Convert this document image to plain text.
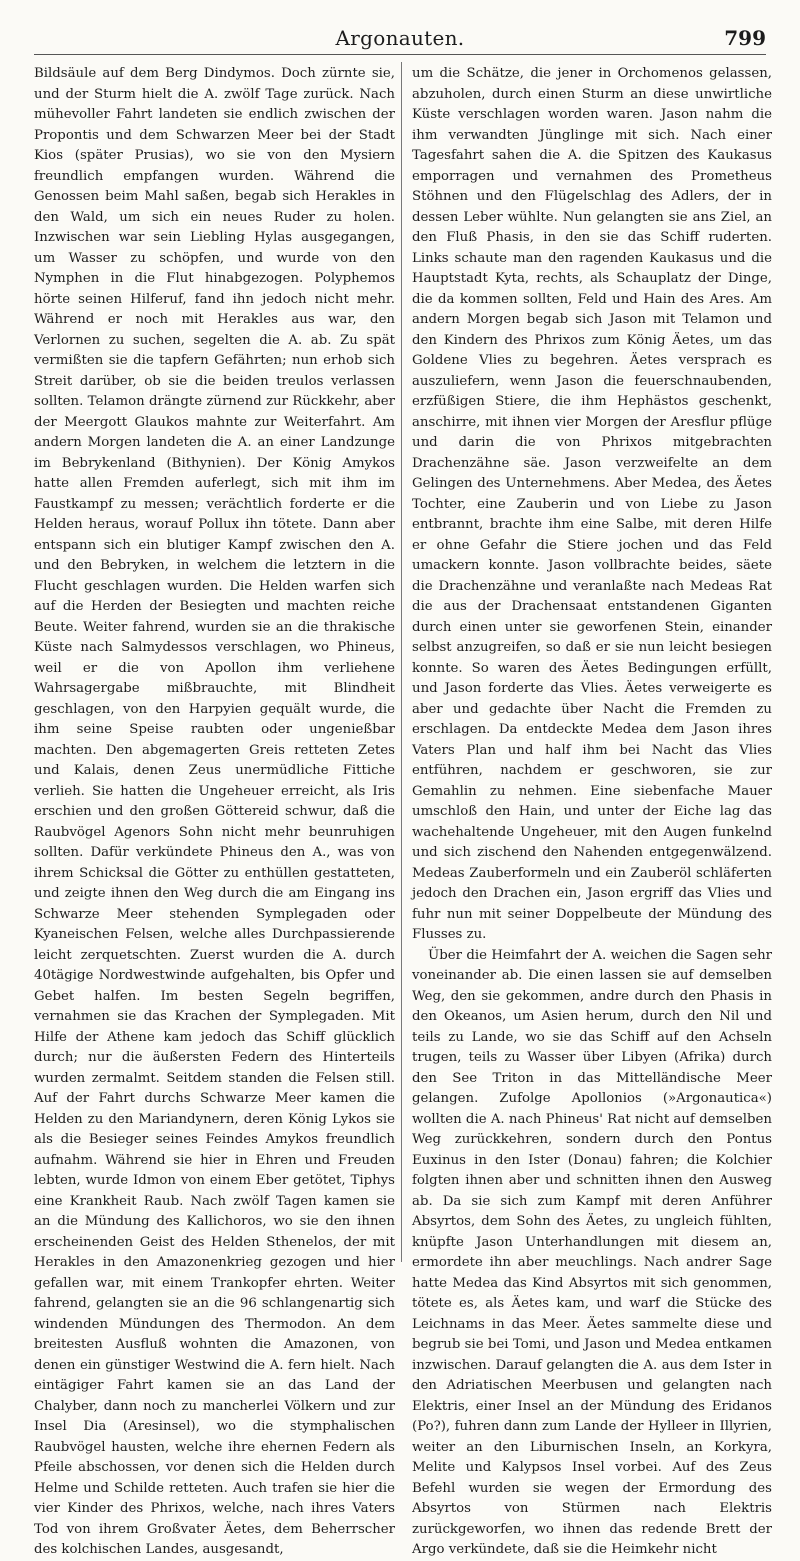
Argonauten.	799

Bildsäule auf dem Berg Dindymos. Doch zürnte sie, und der Sturm hielt die A. zwölf Tage zurück. Nach mühevoller Fahrt landeten sie endlich zwischen der Propontis und dem Schwarzen Meer bei der Stadt Kios (später Prusias), wo sie von den Mysiern freundlich empfangen wurden. Während die Genossen beim Mahl saßen, begab sich Herakles in den Wald, um sich ein neues Ruder zu holen. Inzwischen war sein Liebling Hylas ausgegangen, um Wasser zu schöpfen, und wurde von den Nymphen in die Flut hinabgezogen. Polyphemos hörte seinen Hilferuf, fand ihn jedoch nicht mehr. Während er noch mit Herakles aus war, den Verlornen zu suchen, segelten die A. ab. Zu spät vermißten sie die tapfern Gefährten; nun erhob sich Streit darüber, ob sie die beiden treulos verlassen sollten. Telamon drängte zürnend zur Rückkehr, aber der Meergott Glaukos mahnte zur Weiterfahrt. Am andern Morgen landeten die A. an einer Landzunge im Bebrykenland (Bithynien). Der König Amykos hatte allen Fremden auferlegt, sich mit ihm im Faustkampf zu messen; verächtlich forderte er die Helden heraus, worauf Pollux ihn tötete. Dann aber entspann sich ein blutiger Kampf zwischen den A. und den Bebryken, in welchem die letztern in die Flucht geschlagen wurden. Die Helden warfen sich auf die Herden der Besiegten und machten reiche Beute. Weiter fahrend, wurden sie an die thrakische Küste nach Salmydessos verschlagen, wo Phineus, weil er die von Apollon ihm verliehene Wahrsagergabe mißbrauchte, mit Blindheit geschlagen, von den Harpyien gequält wurde, die ihm seine Speise raubten oder ungenießbar machten. Den abgemagerten Greis retteten Zetes und Kalais, denen Zeus unermüdliche Fittiche verlieh. Sie hatten die Ungeheuer erreicht, als Iris erschien und den großen Göttereid schwur, daß die Raubvögel Agenors Sohn nicht mehr beunruhigen sollten. Dafür verkündete Phineus den A., was von ihrem Schicksal die Götter zu enthüllen gestatteten, und zeigte ihnen den Weg durch die am Eingang ins Schwarze Meer stehenden Symplegaden oder Kyaneischen Felsen, welche alles Durchpassierende leicht zerquetschten. Zuerst wurden die A. durch 40tägige Nordwestwinde aufgehalten, bis Opfer und Gebet halfen. Im besten Segeln begriffen, vernahmen sie das Krachen der Symplegaden. Mit Hilfe der Athene kam jedoch das Schiff glücklich durch; nur die äußersten Federn des Hinterteils wurden zermalmt. Seitdem standen die Felsen still. Auf der Fahrt durchs Schwarze Meer kamen die Helden zu den Mariandynern, deren König Lykos sie als die Besieger seines Feindes Amykos freundlich aufnahm. Während sie hier in Ehren und Freuden lebten, wurde Idmon von einem Eber getötet, Tiphys eine Krankheit Raub. Nach zwölf Tagen kamen sie an die Mündung des Kallichoros, wo sie den ihnen erscheinenden Geist des Helden Sthenelos, der mit Herakles in den Amazonenkrieg gezogen und hier gefallen war, mit einem Trankopfer ehrten. Weiter fahrend, gelangten sie an die 96 schlangenartig sich windenden Mündungen des Thermodon. An dem breitesten Ausfluß wohnten die Amazonen, von denen ein günstiger Westwind die A. fern hielt. Nach eintägiger Fahrt kamen sie an das Land der Chalyber, dann noch zu mancherlei Völkern und zur Insel Dia (Aresinsel), wo die stymphalischen Raubvögel hausten, welche ihre ehernen Federn als Pfeile abschossen, vor denen sich die Helden durch Helme und Schilde retteten. Auch trafen sie hier die vier Kinder des Phrixos, welche, nach ihres Vaters Tod von ihrem Großvater Äetes, dem Beherrscher des kolchischen Landes, ausgesandt,

um die Schätze, die jener in Orchomenos gelassen, abzuholen, durch einen Sturm an diese unwirtliche Küste verschlagen worden waren. Jason nahm die ihm verwandten Jünglinge mit sich. Nach einer Tagesfahrt sahen die A. die Spitzen des Kaukasus emporragen und vernahmen des Prometheus Stöhnen und den Flügelschlag des Adlers, der in dessen Leber wühlte. Nun gelangten sie ans Ziel, an den Fluß Phasis, in den sie das Schiff ruderten. Links schaute man den ragenden Kaukasus und die Hauptstadt Kyta, rechts, als Schauplatz der Dinge, die da kommen sollten, Feld und Hain des Ares. Am andern Morgen begab sich Jason mit Telamon und den Kindern des Phrixos zum König Äetes, um das Goldene Vlies zu begehren. Äetes versprach es auszuliefern, wenn Jason die feuerschnaubenden, erzfüßigen Stiere, die ihm Hephästos geschenkt, anschirre, mit ihnen vier Morgen der Aresflur pflüge und darin die von Phrixos mitgebrachten Drachenzähne säe. Jason verzweifelte an dem Gelingen des Unternehmens. Aber Medea, des Äetes Tochter, eine Zauberin und von Liebe zu Jason entbrannt, brachte ihm eine Salbe, mit deren Hilfe er ohne Gefahr die Stiere jochen und das Feld umackern konnte. Jason vollbrachte beides, säete die Drachenzähne und veranlaßte nach Medeas Rat die aus der Drachensaat entstandenen Giganten durch einen unter sie geworfenen Stein, einander selbst anzugreifen, so daß er sie nun leicht besiegen konnte. So waren des Äetes Bedingungen erfüllt, und Jason forderte das Vlies. Äetes verweigerte es aber und gedachte über Nacht die Fremden zu erschlagen. Da entdeckte Medea dem Jason ihres Vaters Plan und half ihm bei Nacht das Vlies entführen, nachdem er geschworen, sie zur Gemahlin zu nehmen. Eine siebenfache Mauer umschloß den Hain, und unter der Eiche lag das wachehaltende Ungeheuer, mit den Augen funkelnd und sich zischend den Nahenden entgegenwälzend. Medeas Zauberformeln und ein Zauberöl schläferten jedoch den Drachen ein, Jason ergriff das Vlies und fuhr nun mit seiner Doppelbeute der Mündung des Flusses zu.

Über die Heimfahrt der A. weichen die Sagen sehr voneinander ab. Die einen lassen sie auf demselben Weg, den sie gekommen, andre durch den Phasis in den Okeanos, um Asien herum, durch den Nil und teils zu Lande, wo sie das Schiff auf den Achseln trugen, teils zu Wasser über Libyen (Afrika) durch den See Triton in das Mittelländische Meer gelangen. Zufolge Apollonios (»Argonautica«) wollten die A. nach Phineus' Rat nicht auf demselben Weg zurückkehren, sondern durch den Pontus Euxinus in den Ister (Donau) fahren; die Kolchier folgten ihnen aber und schnitten ihnen den Ausweg ab. Da sie sich zum Kampf mit deren Anführer Absyrtos, dem Sohn des Äetes, zu ungleich fühlten, knüpfte Jason Unterhandlungen mit diesem an, ermordete ihn aber meuchlings. Nach andrer Sage hatte Medea das Kind Absyrtos mit sich genommen, tötete es, als Äetes kam, und warf die Stücke des Leichnams in das Meer. Äetes sammelte diese und begrub sie bei Tomi, und Jason und Medea entkamen inzwischen. Darauf gelangten die A. aus dem Ister in den Adriatischen Meerbusen und gelangten nach Elektris, einer Insel an der Mündung des Eridanos (Po?), fuhren dann zum Lande der Hylleer in Illyrien, weiter an den Liburnischen Inseln, an Korkyra, Melite und Kalypsos Insel vorbei. Auf des Zeus Befehl wurden sie wegen der Ermordung des Absyrtos von Stürmen nach Elektris zurückgeworfen, wo ihnen das redende Brett der Argo verkündete, daß sie die Heimkehr nicht
